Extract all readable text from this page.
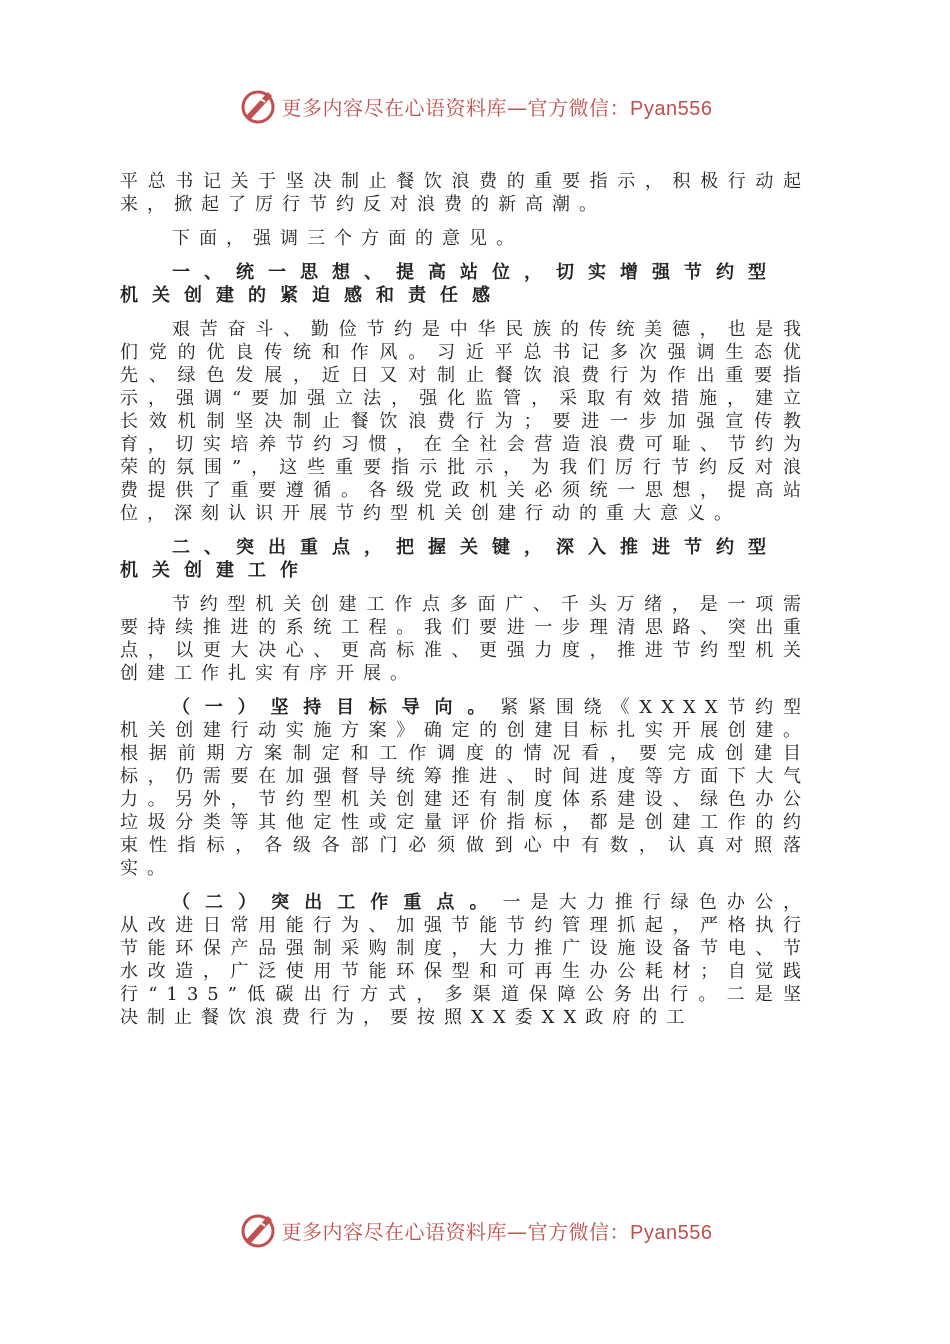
更多内容尽在心语资料库—官方微信：Pyan556

平总书记关于坚决制止餐饮浪费的重要指示，积极行动起来，掀起了厉行节约反对浪费的新高潮。

下面，强调三个方面的意见。

一、统一思想、提高站位，切实增强节约型机关创建的紧迫感和责任感

艰苦奋斗、勤俭节约是中华民族的传统美德，也是我们党的优良传统和作风。习近平总书记多次强调生态优先、绿色发展，近日又对制止餐饮浪费行为作出重要指示，强调“要加强立法，强化监管，采取有效措施，建立长效机制坚决制止餐饮浪费行为；要进一步加强宣传教育，切实培养节约习惯，在全社会营造浪费可耻、节约为荣的氛围”，这些重要指示批示，为我们厉行节约反对浪费提供了重要遵循。各级党政机关必须统一思想，提高站位，深刻认识开展节约型机关创建行动的重大意义。

二、突出重点，把握关键，深入推进节约型机关创建工作

节约型机关创建工作点多面广、千头万绪，是一项需要持续推进的系统工程。我们要进一步理清思路、突出重点，以更大决心、更高标准、更强力度，推进节约型机关创建工作扎实有序开展。

（一）坚持目标导向。紧紧围绕《XXXX节约型机关创建行动实施方案》确定的创建目标扎实开展创建。根据前期方案制定和工作调度的情况看，要完成创建目标，仍需要在加强督导统筹推进、时间进度等方面下大气力。另外，节约型机关创建还有制度体系建设、绿色办公垃圾分类等其他定性或定量评价指标，都是创建工作的约束性指标，各级各部门必须做到心中有数，认真对照落实。

（二）突出工作重点。一是大力推行绿色办公，从改进日常用能行为、加强节能节约管理抓起，严格执行节能环保产品强制采购制度，大力推广设施设备节电、节水改造，广泛使用节能环保型和可再生办公耗材；自觉践行“135”低碳出行方式，多渠道保障公务出行。二是坚决制止餐饮浪费行为，要按照XX委XX政府的工

更多内容尽在心语资料库—官方微信：Pyan556
